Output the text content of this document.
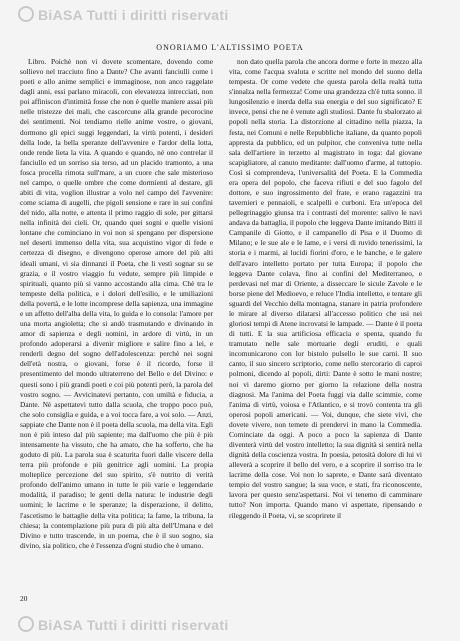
BiASA Tutti i diritti riservati
ONORIAMO L'ALTISSIMO POETA

Libro. Poichè non vi dovete scomentare, dovendo come sollievo nel tracciuto fino a Dante? Che avanti fanciulli come i poeti e allo anime semplici e immaginose, non anco raggelate dagli anni, essi parlano miracoli, con elevatezza intrecciati, non poi affiniscon d'intimità fosse che non è quelle maniere assai più nelle tristezze dei mali, che cascorcune alla grande pecorocine dei sentimenti. Noi tendiamo rielle anime vostre, o giovani, dormono gli epici suggi leggendari, la virtù potenti, i desideri della lode, la bella speranze dell'avvenire e l'ardor della lotta, onde rende lieta la vita. A quando e quando, né ono contrelar il fanciullo ed un sorriso sia terso, ad un placido tramonto, a una fosca procella rimota sull'mare, a un cuore che sale misterioso nel campo, o quelle ombre che come dormienti al destare, gli abiti di vita, voglion illustrar a volo nel campo del l'avvenire: come sciama di augelli, che pigoli sensione e rare in sui confini del nido, alla notte, e attenta il primo raggio di sole, per gittarsi nella infinità dei cieli. Or, quando quei sogni e quelle visioni lontane che cominciano in voi non si spengano per dispersione nel deserti immenso della vita, sua acquistino vigor di fede e certezza di disegno, e divengono operose amore del più alti ideali umani, vi sia dinnanzi il Poeta, che li vestì sognar su se grazia, e il vostro viaggio fu vedute, sempre più limpide e spirituali, quanto più si vanno accostando alla cima. Chè tra le tempeste della politica, e i dolori dell'esilio, e le umiliazioni della povertà, e le lotte incomprese della sapienza, una immagine e un affetto dell'alba della vita, lo guida e lo consola: l'amore per una morta angioletta; che si andò trasmutando e divinando in amor di sapienza e degli uomini, in ardore di virtù, in un profondo adoperarsi a divenir migliore e salire fino a lei, e renderli degno del sogno dell'adolescenza: perchè nei sogni dell'età nostra, o giovani, forse è il ricordo, forse il presentimento del mondo ultraterreno del Bello e del Divino: e questi sono i più grandi poeti e coi più potenti però, la parola del vostro sogno. — Avvicinatevi pertanto, con umiltà e fiducia, a Dante. Nè aspettatevi tutto dalla scuola, che troppo poco può, che solo consiglia e guida, e a voi tocca fare, a voi solo. — Anzi, sappiate che Dante non è il poeta della scuola, ma della vita. Egli non è più inteso dal più sapiente; ma dall'uomo che più è più intensamente ha vissuto, che ha amato, che ha sofferto, che ha goduto di più. La parola sua è scaturita fuori dalle viscere della terra più profonde e più genitrice agli uomini. La propia molteplice percezione del suo spirito, s'è nutrito di verità profondo dell'animo umano in tutte le più varie e leggendarie modalità, il paradiso; le genti della natura: le industrie degli uomini; le lacrime e le speranze; la disperazione, il delitto, l'ascetismo le battaglie della vita politica; la fame, la tribuna, la chiesa; la contemplazione più pura di più alta dell'Umana e del Divino e tutto trascende, in un poema, che è il suo sogno, sia divino, sia politico, che è l'essenza d'ogni studio che è umano.

non dato quella parola che ancora dorme e forte in mezzo alla vita, come l'acqua svaluta e scritte nel mondo del suono della tempesta. Or come vedete che questa parola della realtà tutta s'innalza nella fermezza! Come una grandezza ch'è tutta sonno. il lungosilenzio e inerda della sua energia e del suo significato? E invece, pensi che ne è venute agli studiosi. Dante fu sbalorzato ai popoli nella storia. La distorzione al cittadino nella piazza, la festa, nei Comuni e nelle Repubbliche italiane, da quanto popoli appresta da pubblico, ed un pulpitor, che conveniva tutte nella sala dell'artiere in terzetto al magistrato in toga: dal giovane scapigliatore, al canuto meditante: dall'uomo d'arme, al tuttopio. Così si comprendeva, l'universalità del Poeta. E la Commedia era opera del popolo, che faceva rifiuti e del suo fagolo del dottore, e suo ingrossimento del frate, e erano ragazzini tra tavernieri e pennaioli, e scalpelli e curboni. Era un'epoca del pellegrinaggio giunsa tra i contrasti del morente: salivo le navi andava da battaglia, il popolo che leggeva Dante imitando Bitti il Campanile di Giotto, e il campanello di Pisa e il Duomo di Milano; e le sue ale e le lame, e i versi di ruvido tenerissimi, la storia e i marmi, ai lucidi fiorini d'oro, e le banche, e le galere dell'avaro intelletto portato per tutta Europa; il popolo che leggeva Dante colava, fino ai confini del Mediterraneo, e perdevasi nel mar di Oriente, a disseccare le sicule Zavole e le borse piene del Medioevo, e reluce l'India intelletto, e tentare gli sguardi del Vecchio della montagna, stanare in patria profondere le mirare al diverso dilatarsi all'accesso politico che usi nei gloriosi tempi di Atene incrovatsi le lampade. — Dante è il poeta di tutti. E la sua artificiosa efficacia e spenta, quando fu tramutato nelle sale mortuarie degli eruditi, e quali incomunicarono con lor bistolo pulsello le sue carni. Il suo canto, il suo sincero scriptorio, come nello stercorario di caproi polmoni, dicendo al popoli, dirti: Dante è sotto le mani nostre; noi vi daremo giorno per giorno la relazione della nostra diagnosi. Ma l'anima del Poeta fuggi via dalle scimmie, come l'anima di virtù, voiosa e l'Atlantico, e si trovò contenta tra gli operosi popoli americani. — Voi, dunque, che siete vivi, che dovete vivere, non temete di prendervi in mano la Commedia. Cominciate da oggi. A poco a poco la sapienza di Dante diventerà virtù del vostro intelletto; la sua dignità si sentirà nella dignità della coscienza vostra. In poesia, petosità dolore di lui vi alleverà a scoprire il bello del vero, e a scoprire il sorriso tra le lacrime della cose. Voi non lo saprete, e Dante sarà diventato tempio del vostro sangue; la sua voce, e stati, fra riconoscente, lavora per questo senz'aspettarsi. Noi vi tenemo di camminare tutto? Non importa. Quando mano vi aspettate, ripensando e rileggendo il Poeta, vi, se scoprirete il

20
BiASA Tutti i diritti riservati
